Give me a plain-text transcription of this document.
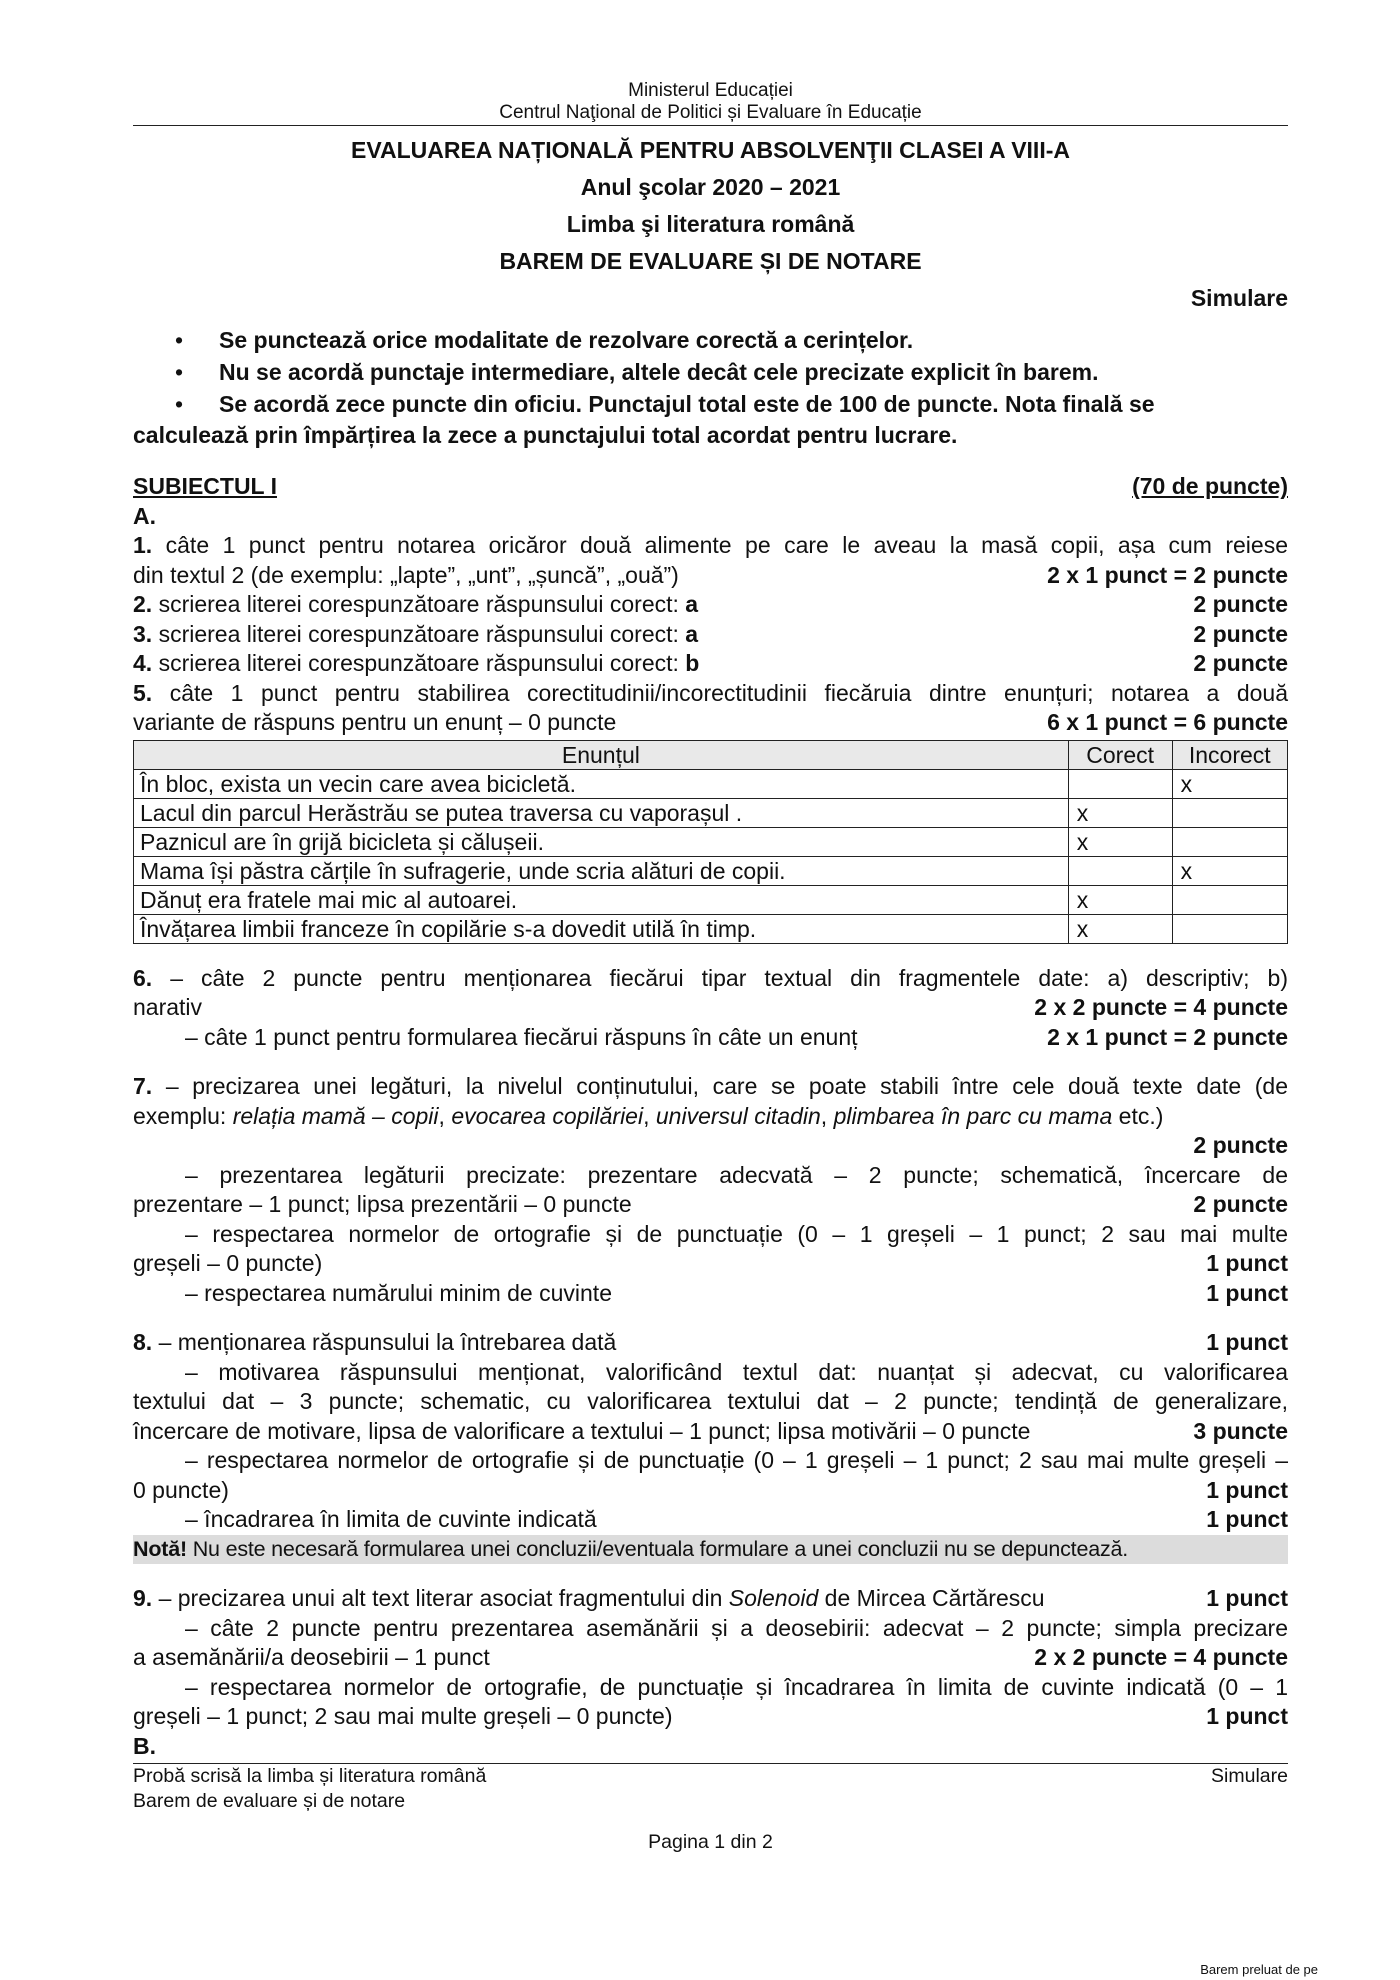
Ministerul Educației
Centrul Naţional de Politici și Evaluare în Educație
EVALUAREA NAȚIONALĂ PENTRU ABSOLVENŢII CLASEI A VIII-A
Anul şcolar 2020 – 2021
Limba şi literatura română
BAREM DE EVALUARE ȘI DE NOTARE
Simulare
• Se punctează orice modalitate de rezolvare corectă a cerințelor.
• Nu se acordă punctaje intermediare, altele decât cele precizate explicit în barem.
• Se acordă zece puncte din oficiu. Punctajul total este de 100 de puncte. Nota finală se
calculează prin împărțirea la zece a punctajului total acordat pentru lucrare.
SUBIECTUL I	(70 de puncte)
A.
1. câte 1 punct pentru notarea oricăror două alimente pe care le aveau la masă copii, așa cum reiese
din textul 2 (de exemplu: „lapte”, „unt”, „șuncă”, „ouă”)	2 x 1 punct = 2 puncte
2. scrierea literei corespunzătoare răspunsului corect: a	2 puncte
3. scrierea literei corespunzătoare răspunsului corect: a	2 puncte
4. scrierea literei corespunzătoare răspunsului corect: b	2 puncte
5. câte 1 punct pentru stabilirea corectitudinii/incorectitudinii fiecăruia dintre enunțuri; notarea a două
variante de răspuns pentru un enunț – 0 puncte	6 x 1 punct = 6 puncte
Enunțul	Corect	Incorect
În bloc, exista un vecin care avea bicicletă.		x
Lacul din parcul Herăstrău se putea traversa cu vaporașul .	x	
Paznicul are în grijă bicicleta și călușeii.	x	
Mama își păstra cărțile în sufragerie, unde scria alături de copii.		x
Dănuț era fratele mai mic al autoarei.	x	
Învățarea limbii franceze în copilărie s-a dovedit utilă în timp.	x	
6. – câte 2 puncte pentru menționarea fiecărui tipar textual din fragmentele date: a) descriptiv; b)
narativ	2 x 2 puncte = 4 puncte
– câte 1 punct pentru formularea fiecărui răspuns în câte un enunț	2 x 1 punct = 2 puncte
7. – precizarea unei legături, la nivelul conținutului, care se poate stabili între cele două texte date (de
exemplu: relația mamă – copii, evocarea copilăriei, universul citadin, plimbarea în parc cu mama etc.)
2 puncte
– prezentarea legăturii precizate: prezentare adecvată – 2 puncte; schematică, încercare de
prezentare – 1 punct; lipsa prezentării – 0 puncte	2 puncte
– respectarea normelor de ortografie și de punctuație (0 – 1 greșeli – 1 punct; 2 sau mai multe
greșeli – 0 puncte)	1 punct
– respectarea numărului minim de cuvinte	1 punct
8. – menționarea răspunsului la întrebarea dată	1 punct
– motivarea răspunsului menționat, valorificând textul dat: nuanțat și adecvat, cu valorificarea
textului dat – 3 puncte; schematic, cu valorificarea textului dat – 2 puncte; tendință de generalizare,
încercare de motivare, lipsa de valorificare a textului – 1 punct; lipsa motivării – 0 puncte	3 puncte
– respectarea normelor de ortografie și de punctuație (0 – 1 greșeli – 1 punct; 2 sau mai multe greșeli –
0 puncte)	1 punct
– încadrarea în limita de cuvinte indicată	1 punct
Notă! Nu este necesară formularea unei concluzii/eventuala formulare a unei concluzii nu se depunctează.
9. – precizarea unui alt text literar asociat fragmentului din Solenoid de Mircea Cărtărescu	1 punct
– câte 2 puncte pentru prezentarea asemănării și a deosebirii: adecvat – 2 puncte; simpla precizare
a asemănării/a deosebirii – 1 punct	2 x 2 puncte = 4 puncte
– respectarea normelor de ortografie, de punctuație și încadrarea în limita de cuvinte indicată (0 – 1
greșeli – 1 punct; 2 sau mai multe greșeli – 0 puncte)	1 punct
B.
Probă scrisă la limba și literatura română	Simulare
Barem de evaluare și de notare
Pagina 1 din 2
Barem preluat de pe
